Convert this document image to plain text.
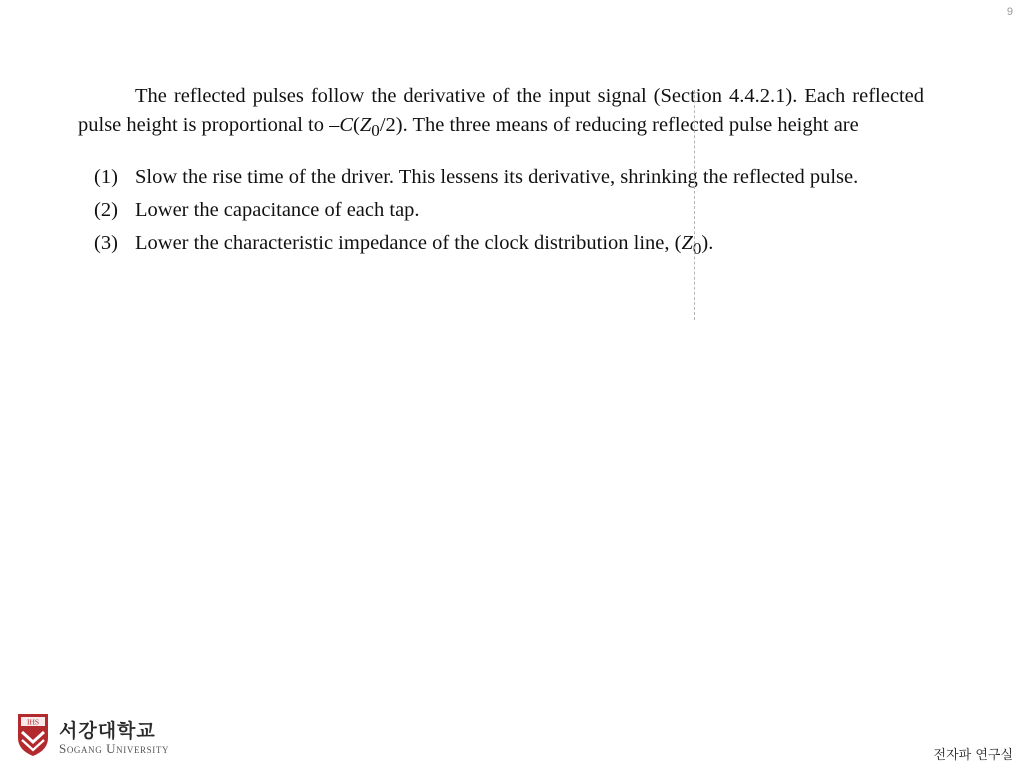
9

The reflected pulses follow the derivative of the input signal (Section 4.4.2.1). Each reflected pulse height is proportional to $-C(Z_0/2)$. The three means of reducing reflected pulse height are

(1) Slow the rise time of the driver. This lessens its derivative, shrinking the reflected pulse.
(2) Lower the capacitance of each tap.
(3) Lower the characteristic impedance of the clock distribution line, $(Z_0)$.
IHS 서강대학교
Sogang University	전자파 연구실
